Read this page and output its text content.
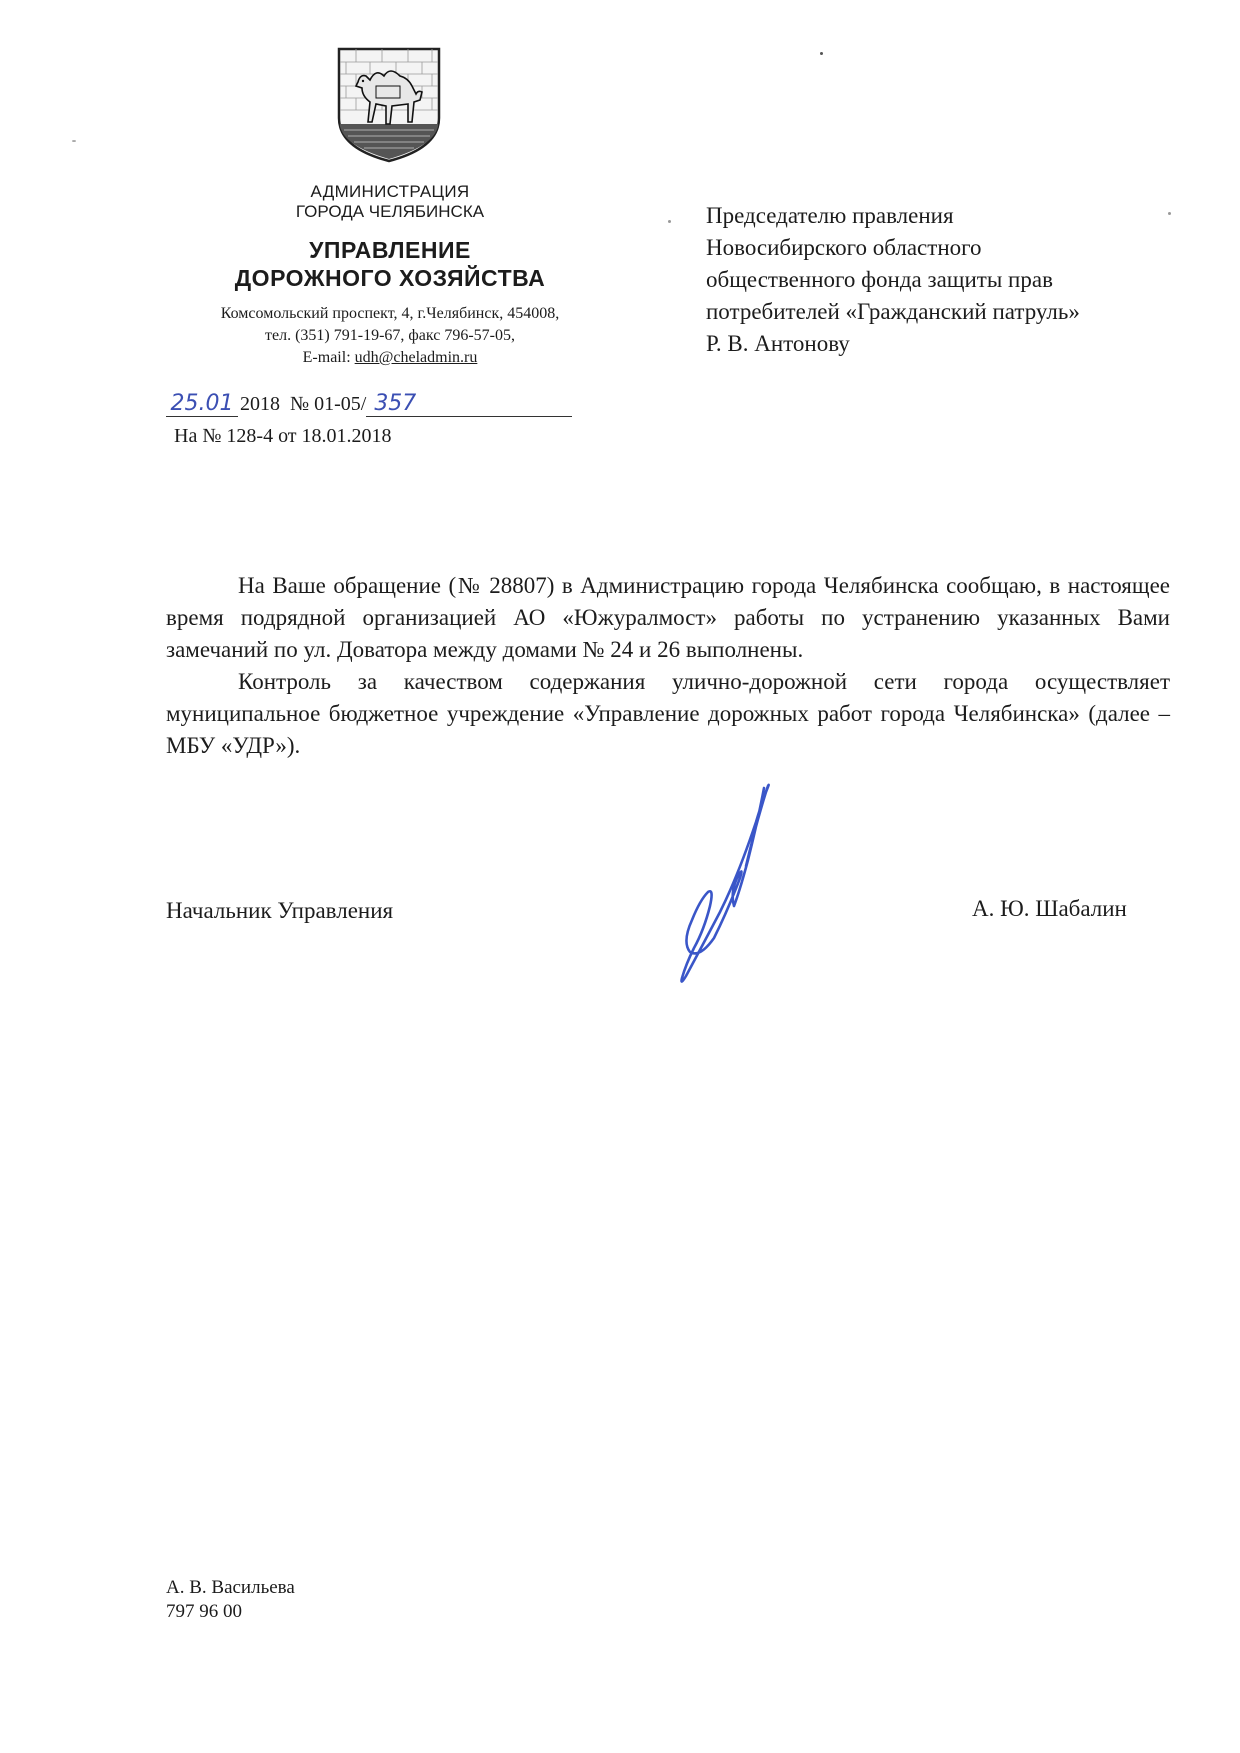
АДМИНИСТРАЦИЯ
ГОРОДА ЧЕЛЯБИНСКА
УПРАВЛЕНИЕ
ДОРОЖНОГО ХОЗЯЙСТВА
Комсомольский проспект, 4, г.Челябинск, 454008,
тел. (351) 791-19-67, факс 796-57-05,
E-mail: udh@cheladmin.ru
25.01 2018 № 01-05/ 357
На № 128-4 от 18.01.2018
Председателю правления
Новосибирского областного
общественного фонда защиты прав
потребителей «Гражданский патруль»
Р. В. Антонову

На Ваше обращение (№ 28807) в Администрацию города Челябинска сообщаю, в настоящее время подрядной организацией АО «Южуралмост» работы по устранению указанных Вами замечаний по ул. Доватора между домами № 24 и 26 выполнены.

Контроль за качеством содержания улично-дорожной сети города осуществляет муниципальное бюджетное учреждение «Управление дорожных работ города Челябинска» (далее – МБУ «УДР»).

Начальник Управления	А. Ю. Шабалин
А. В. Васильева
797 96 00
